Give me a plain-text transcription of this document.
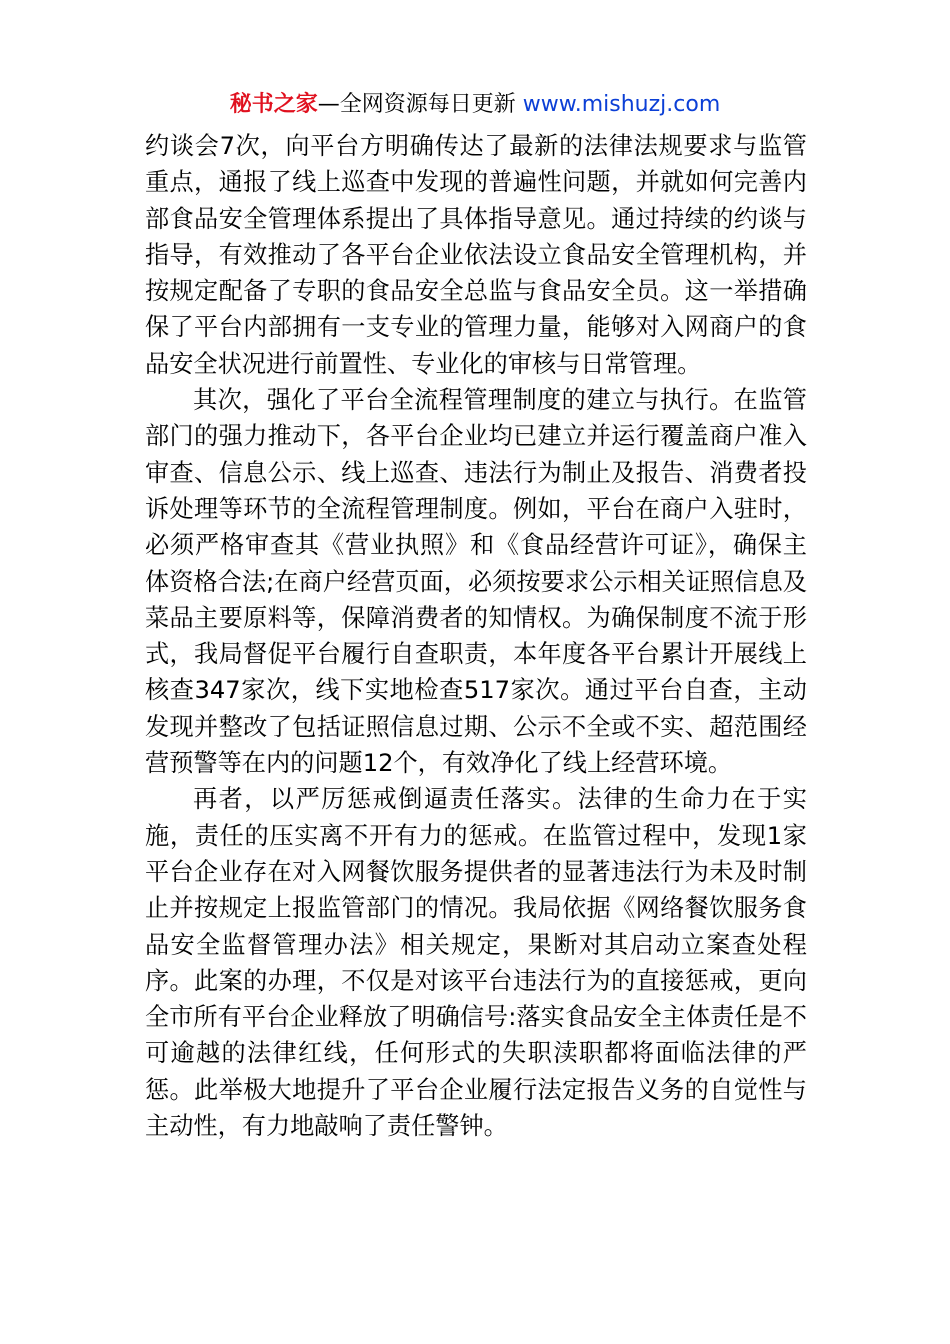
秘书之家—全网资源每日更新 www.mishuzj.com

约谈会7次，向平台方明确传达了最新的法律法规要求与监管重点，通报了线上巡查中发现的普遍性问题，并就如何完善内部食品安全管理体系提出了具体指导意见。通过持续的约谈与指导，有效推动了各平台企业依法设立食品安全管理机构，并按规定配备了专职的食品安全总监与食品安全员。这一举措确保了平台内部拥有一支专业的管理力量，能够对入网商户的食品安全状况进行前置性、专业化的审核与日常管理。

其次，强化了平台全流程管理制度的建立与执行。在监管部门的强力推动下，各平台企业均已建立并运行覆盖商户准入审查、信息公示、线上巡查、违法行为制止及报告、消费者投诉处理等环节的全流程管理制度。例如，平台在商户入驻时，必须严格审查其《营业执照》和《食品经营许可证》，确保主体资格合法;在商户经营页面，必须按要求公示相关证照信息及菜品主要原料等，保障消费者的知情权。为确保制度不流于形式，我局督促平台履行自查职责，本年度各平台累计开展线上核查347家次，线下实地检查517家次。通过平台自查，主动发现并整改了包括证照信息过期、公示不全或不实、超范围经营预警等在内的问题12个，有效净化了线上经营环境。

再者，以严厉惩戒倒逼责任落实。法律的生命力在于实施，责任的压实离不开有力的惩戒。在监管过程中，发现1家平台企业存在对入网餐饮服务提供者的显著违法行为未及时制止并按规定上报监管部门的情况。我局依据《网络餐饮服务食品安全监督管理办法》相关规定，果断对其启动立案查处程序。此案的办理，不仅是对该平台违法行为的直接惩戒，更向全市所有平台企业释放了明确信号:落实食品安全主体责任是不可逾越的法律红线，任何形式的失职渎职都将面临法律的严惩。此举极大地提升了平台企业履行法定报告义务的自觉性与主动性，有力地敲响了责任警钟。
